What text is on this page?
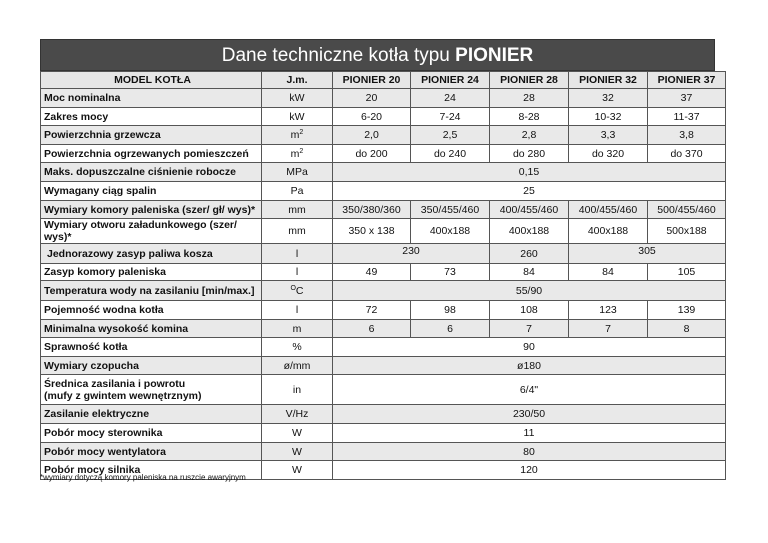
Dane techniczne kotła typu PIONIER
MODEL KOTŁA	J.m.	PIONIER 20	PIONIER 24	PIONIER 28	PIONIER 32	PIONIER 37
Moc nominalna	kW	20	24	28	32	37
Zakres mocy	kW	6-20	7-24	8-28	10-32	11-37
Powierzchnia grzewcza	$m^2$	2,0	2,5	2,8	3,3	3,8
Powierzchnia ogrzewanych pomieszczeń	$m^2$	do 200	do 240	do 280	do 320	do 370
Maks. dopuszczalne ciśnienie robocze	MPa	0,15				
Wymagany ciąg spalin	Pa	25				
Wymiary komory paleniska (szer/ gł/ wys)*	mm	350/380/360	350/455/460	400/455/460	400/455/460	500/455/460
Wymiary otworu załadunkowego (szer/ wys)*	mm	350 x 138	400x188	400x188	400x188	500x188
Jednorazowy zasyp paliwa kosza	l	230		260	305	
Zasyp komory paleniska	l	49	73	84	84	105
Temperatura wody na zasilaniu [min/max.]	$^O$C	55/90				
Pojemność wodna kotła	l	72	98	108	123	139
Minimalna wysokość komina	m	6	6	7	7	8
Sprawność kotła	%	90				
Wymiary czopucha	ø/mm	ø180				
Średnica zasilania i powrotu
(mufy z gwintem wewnętrznym)	in	6/4"				
Zasilanie elektryczne	V/Hz	230/50				
Pobór mocy sterownika	W	11				
Pobór mocy wentylatora	W	80				
Pobór mocy silnika	W	120				
*wymiary dotyczą komory paleniska na ruszcie awaryjnym
